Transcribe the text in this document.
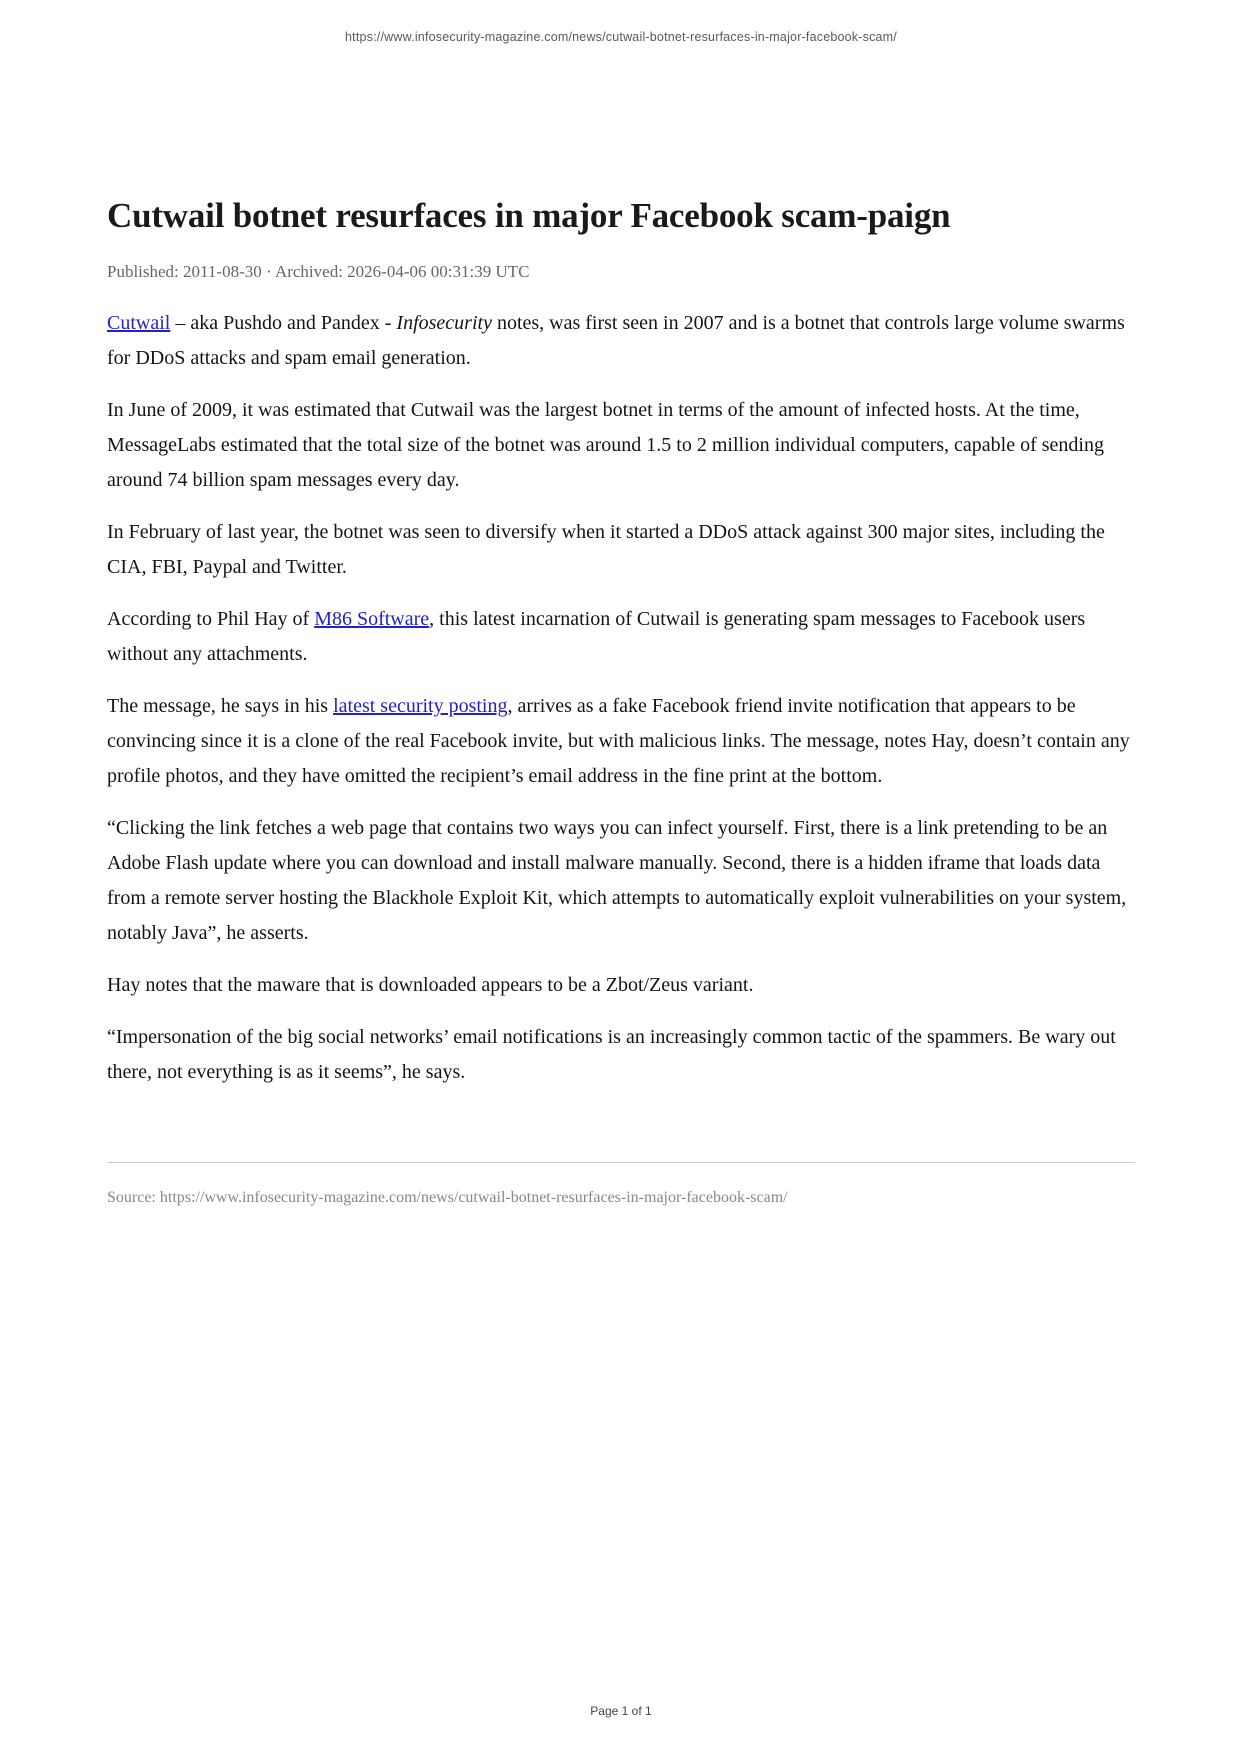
https://www.infosecurity-magazine.com/news/cutwail-botnet-resurfaces-in-major-facebook-scam/
Cutwail botnet resurfaces in major Facebook scam-paign
Published: 2011-08-30 · Archived: 2026-04-06 00:31:39 UTC

Cutwail – aka Pushdo and Pandex - Infosecurity notes, was first seen in 2007 and is a botnet that controls large volume swarms for DDoS attacks and spam email generation.

In June of 2009, it was estimated that Cutwail was the largest botnet in terms of the amount of infected hosts. At the time, MessageLabs estimated that the total size of the botnet was around 1.5 to 2 million individual computers, capable of sending around 74 billion spam messages every day.

In February of last year, the botnet was seen to diversify when it started a DDoS attack against 300 major sites, including the CIA, FBI, Paypal and Twitter.

According to Phil Hay of M86 Software, this latest incarnation of Cutwail is generating spam messages to Facebook users without any attachments.

The message, he says in his latest security posting, arrives as a fake Facebook friend invite notification that appears to be convincing since it is a clone of the real Facebook invite, but with malicious links. The message, notes Hay, doesn’t contain any profile photos, and they have omitted the recipient’s email address in the fine print at the bottom.

“Clicking the link fetches a web page that contains two ways you can infect yourself. First, there is a link pretending to be an Adobe Flash update where you can download and install malware manually. Second, there is a hidden iframe that loads data from a remote server hosting the Blackhole Exploit Kit, which attempts to automatically exploit vulnerabilities on your system, notably Java”, he asserts.

Hay notes that the maware that is downloaded appears to be a Zbot/Zeus variant.

“Impersonation of the big social networks’ email notifications is an increasingly common tactic of the spammers. Be wary out there, not everything is as it seems”, he says.

Source: https://www.infosecurity-magazine.com/news/cutwail-botnet-resurfaces-in-major-facebook-scam/
Page 1 of 1
